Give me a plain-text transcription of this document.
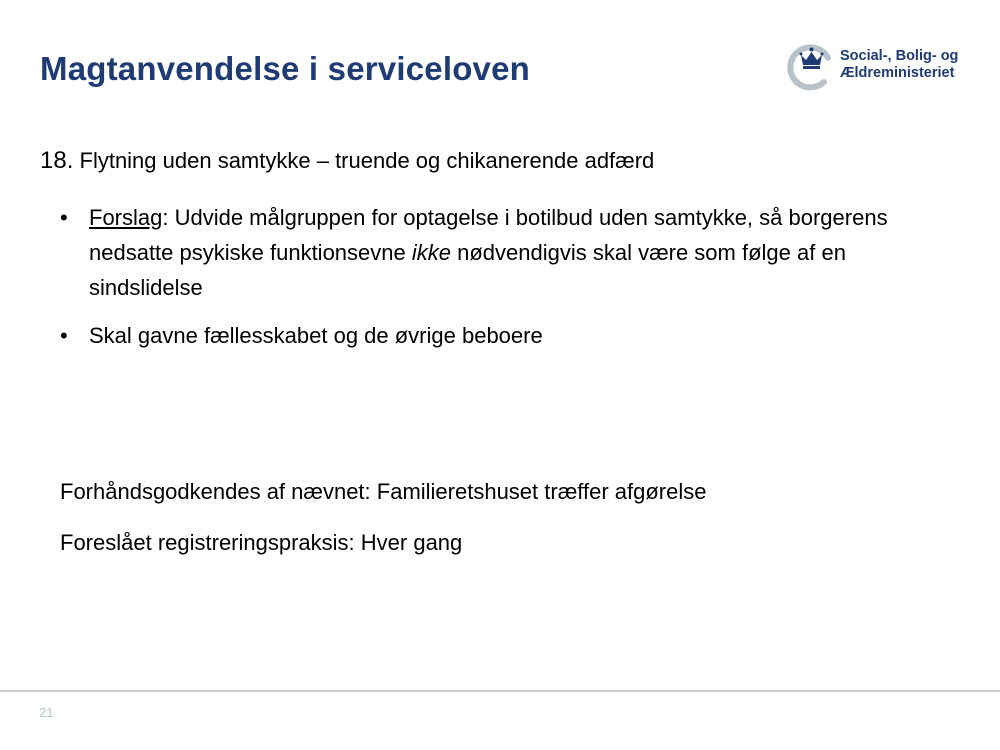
Magtanvendelse i serviceloven	Social-, Bolig- og
Ældreministeriet
18. Flytning uden samtykke – truende og chikanerende adfærd
• Forslag: Udvide målgruppen for optagelse i botilbud uden samtykke, så borgerens nedsatte psykiske funktionsevne ikke nødvendigvis skal være som følge af en sindslidelse
• Skal gavne fællesskabet og de øvrige beboere
Forhåndsgodkendes af nævnet: Familieretshuset træffer afgørelse
Foreslået registreringspraksis: Hver gang
21
